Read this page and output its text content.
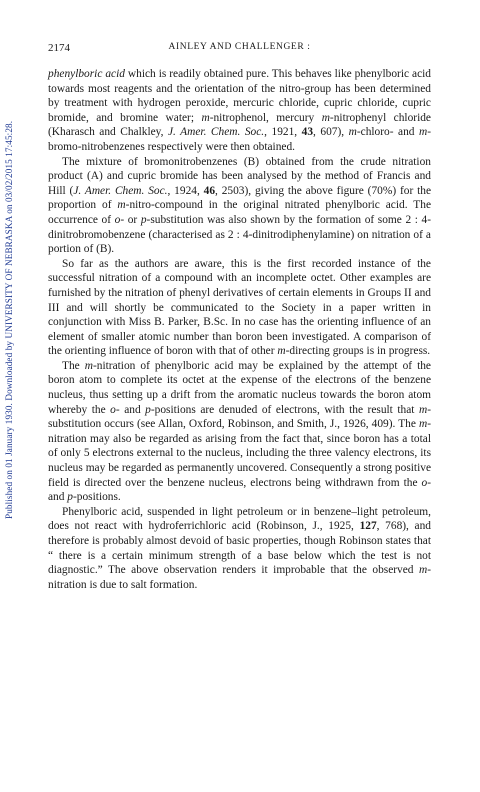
Published on 01 January 1930. Downloaded by UNIVERSITY OF NEBRASKA on 03/02/2015 17:45:28.
2174	AINLEY AND CHALLENGER :

phenylboric acid which is readily obtained pure. This behaves like phenylboric acid towards most reagents and the orientation of the nitro-group has been determined by treatment with hydrogen peroxide, mercuric chloride, cupric chloride, cupric bromide, and bromine water; m-nitrophenol, mercury m-nitrophenyl chloride (Kharasch and Chalkley, J. Amer. Chem. Soc., 1921, 43, 607), m-chloro- and m-bromo-nitrobenzenes respectively were then obtained.

The mixture of bromonitrobenzenes (B) obtained from the crude nitration product (A) and cupric bromide has been analysed by the method of Francis and Hill (J. Amer. Chem. Soc., 1924, 46, 2503), giving the above figure (70%) for the proportion of m-nitro-compound in the original nitrated phenylboric acid. The occurrence of o- or p-substitution was also shown by the formation of some 2 : 4-dinitrobromobenzene (characterised as 2 : 4-dinitrodiphenylamine) on nitration of a portion of (B).

So far as the authors are aware, this is the first recorded instance of the successful nitration of a compound with an incomplete octet. Other examples are furnished by the nitration of phenyl derivatives of certain elements in Groups II and III and will shortly be communicated to the Society in a paper written in conjunction with Miss B. Parker, B.Sc. In no case has the orienting influence of an element of smaller atomic number than boron been investigated. A comparison of the orienting influence of boron with that of other m-directing groups is in progress.

The m-nitration of phenylboric acid may be explained by the attempt of the boron atom to complete its octet at the expense of the electrons of the benzene nucleus, thus setting up a drift from the aromatic nucleus towards the boron atom whereby the o- and p-positions are denuded of electrons, with the result that m-substitution occurs (see Allan, Oxford, Robinson, and Smith, J., 1926, 409). The m-nitration may also be regarded as arising from the fact that, since boron has a total of only 5 electrons external to the nucleus, including the three valency electrons, its nucleus may be regarded as permanently uncovered. Consequently a strong positive field is directed over the benzene nucleus, electrons being withdrawn from the o- and p-positions.

Phenylboric acid, suspended in light petroleum or in benzene–light petroleum, does not react with hydroferrichloric acid (Robinson, J., 1925, 127, 768), and therefore is probably almost devoid of basic properties, though Robinson states that “ there is a certain minimum strength of a base below which the test is not diagnostic.” The above observation renders it improbable that the observed m-nitration is due to salt formation.
